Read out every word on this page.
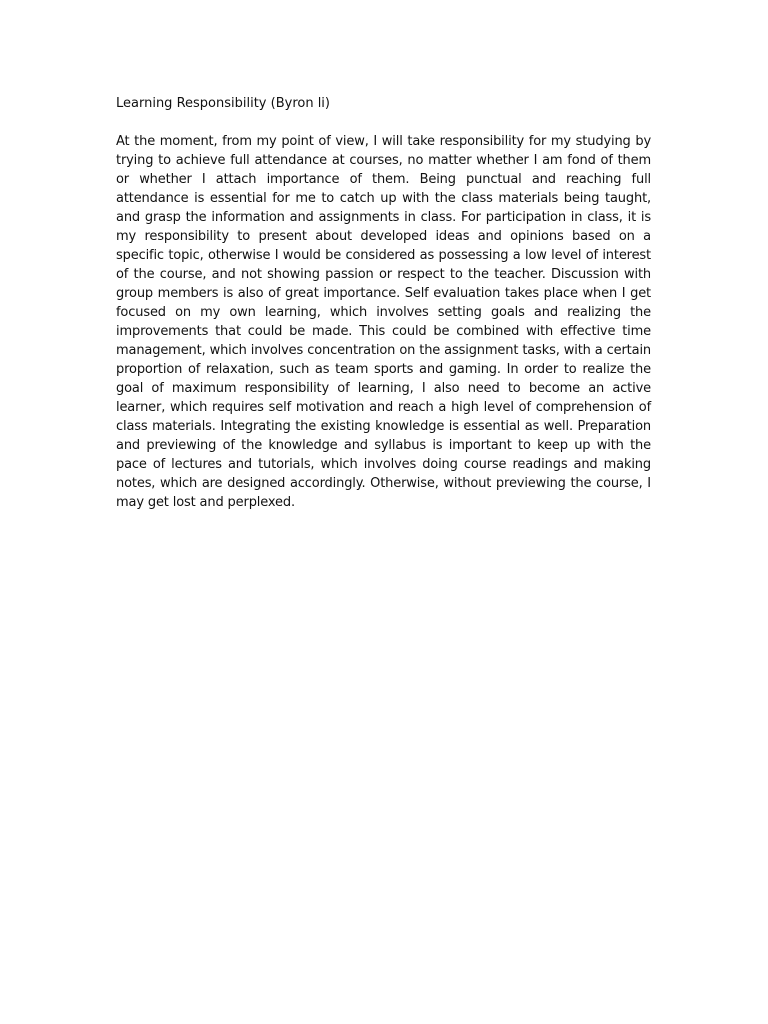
Learning Responsibility (Byron li)

At the moment, from my point of view, I will take responsibility for my studying by trying to achieve full attendance at courses, no matter whether I am fond of them or whether I attach importance of them. Being punctual and reaching full attendance is essential for me to catch up with the class materials being taught, and grasp the information and assignments in class. For participation in class, it is my responsibility to present about developed ideas and opinions based on a specific topic, otherwise I would be considered as possessing a low level of interest of the course, and not showing passion or respect to the teacher. Discussion with group members is also of great importance. Self evaluation takes place when I get focused on my own learning, which involves setting goals and realizing the improvements that could be made. This could be combined with effective time management, which involves concentration on the assignment tasks, with a certain proportion of relaxation, such as team sports and gaming. In order to realize the goal of maximum responsibility of learning, I also need to become an active learner, which requires self motivation and reach a high level of comprehension of class materials. Integrating the existing knowledge is essential as well. Preparation and previewing of the knowledge and syllabus is important to keep up with the pace of lectures and tutorials, which involves doing course readings and making notes, which are designed accordingly. Otherwise, without previewing the course, I may get lost and perplexed.
